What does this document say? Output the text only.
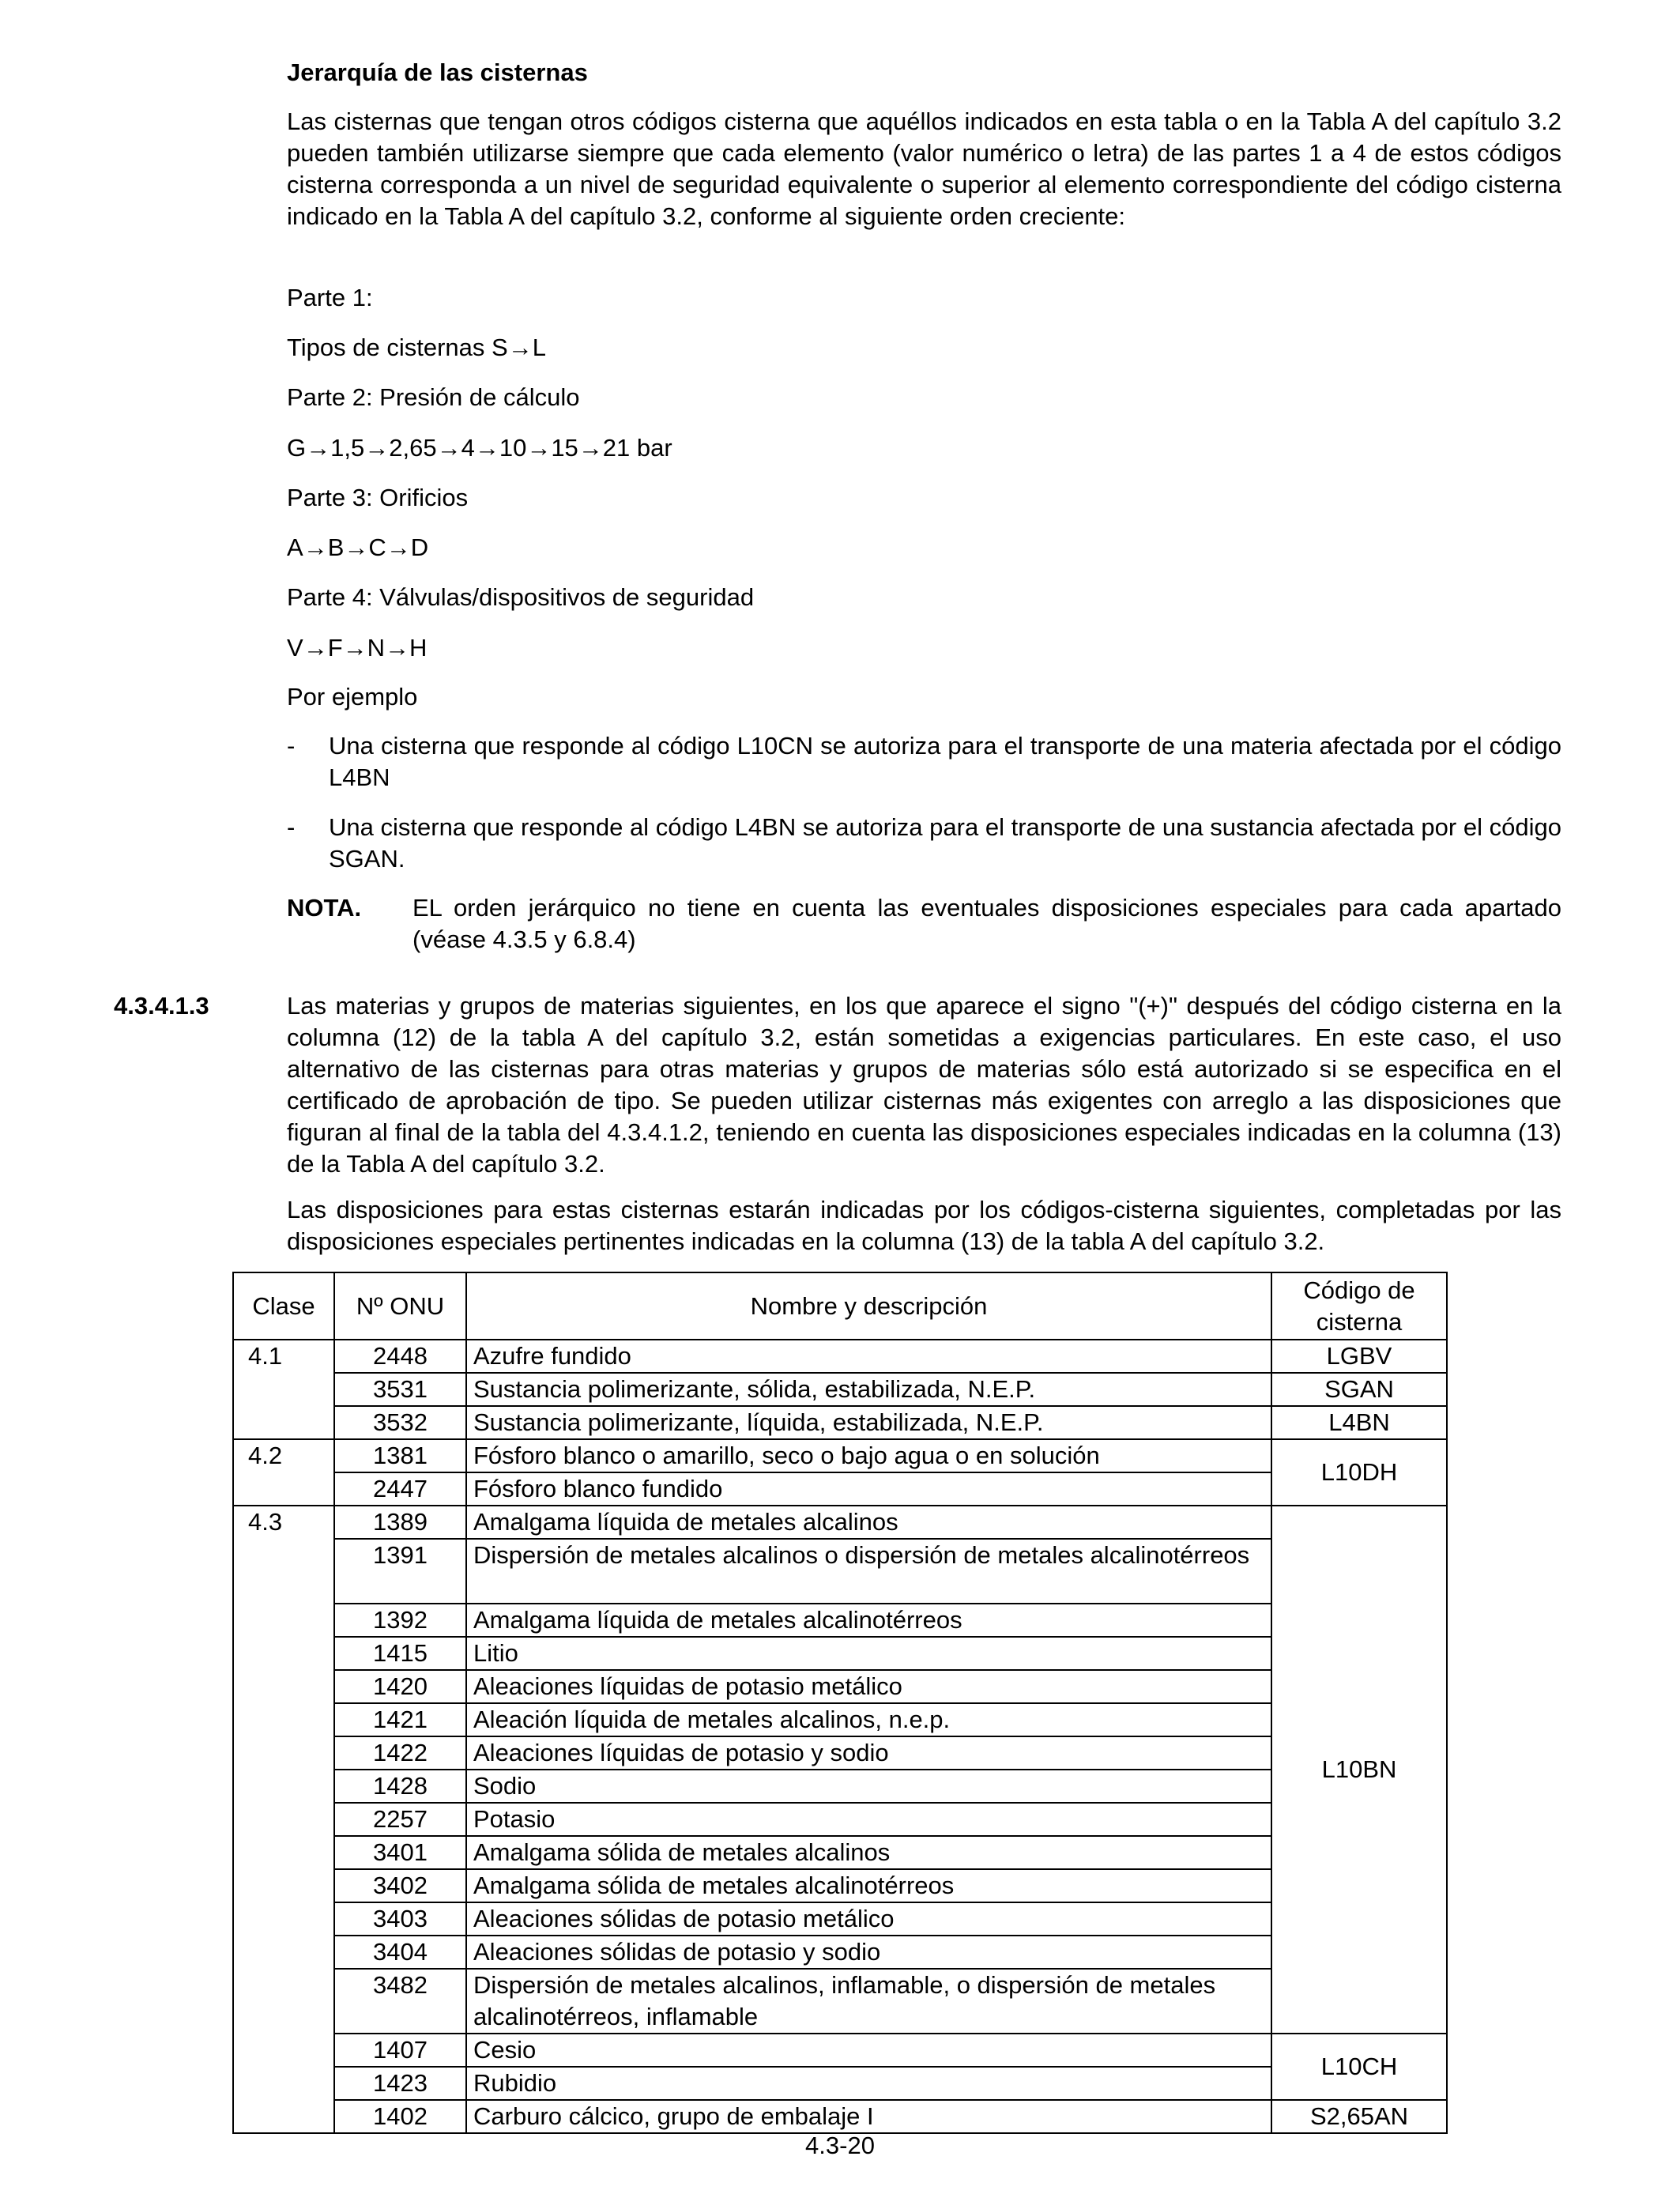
Jerarquía de las cisternas
Las cisternas que tengan otros códigos cisterna que aquéllos indicados en esta tabla o en la Tabla A del capítulo 3.2 pueden también utilizarse siempre que cada elemento (valor numérico o letra) de las partes 1 a 4 de estos códigos cisterna corresponda a un nivel de seguridad equivalente o superior al elemento correspondiente del código cisterna indicado en la Tabla A del capítulo 3.2, conforme al siguiente orden creciente:
Parte 1:
Tipos de cisternas S→L
Parte 2: Presión de cálculo
G→1,5→2,65→4→10→15→21 bar
Parte 3: Orificios
A→B→C→D
Parte 4: Válvulas/dispositivos de seguridad
V→F→N→H
Por ejemplo
- Una cisterna que responde al código L10CN se autoriza para el transporte de una materia afectada por el código L4BN
- Una cisterna que responde al código L4BN se autoriza para el transporte de una sustancia afectada por el código SGAN.
NOTA. EL orden jerárquico no tiene en cuenta las eventuales disposiciones especiales para cada apartado (véase 4.3.5 y 6.8.4)
4.3.4.1.3	Las materias y grupos de materias siguientes, en los que aparece el signo "(+)" después del código cisterna en la columna (12) de la tabla A del capítulo 3.2, están sometidas a exigencias particulares. En este caso, el uso alternativo de las cisternas para otras materias y grupos de materias sólo está autorizado si se especifica en el certificado de aprobación de tipo. Se pueden utilizar cisternas más exigentes con arreglo a las disposiciones que figuran al final de la tabla del 4.3.4.1.2, teniendo en cuenta las disposiciones especiales indicadas en la columna (13) de la Tabla A del capítulo 3.2.
Las disposiciones para estas cisternas estarán indicadas por los códigos-cisterna siguientes, completadas por las disposiciones especiales pertinentes indicadas en la columna (13) de la tabla A del capítulo 3.2.
Clase	Nº ONU	Nombre y descripción	Código de cisterna
4.1	2448	Azufre fundido	LGBV
	3531	Sustancia polimerizante, sólida, estabilizada, N.E.P.	SGAN
	3532	Sustancia polimerizante, líquida, estabilizada, N.E.P.	L4BN
4.2	1381	Fósforo blanco o amarillo, seco o bajo agua o en solución	L10DH
	2447	Fósforo blanco fundido	
4.3	1389	Amalgama líquida de metales alcalinos	L10BN
	1391	Dispersión de metales alcalinos o dispersión de metales alcalinotérreos	
	1392	Amalgama líquida de metales alcalinotérreos	
	1415	Litio	
	1420	Aleaciones líquidas de potasio metálico	
	1421	Aleación líquida de metales alcalinos, n.e.p.	
	1422	Aleaciones líquidas de potasio y sodio	
	1428	Sodio	
	2257	Potasio	
	3401	Amalgama sólida de metales alcalinos	
	3402	Amalgama sólida de metales alcalinotérreos	
	3403	Aleaciones sólidas de potasio metálico	
	3404	Aleaciones sólidas de potasio y sodio	
	3482	Dispersión de metales alcalinos, inflamable, o dispersión de metales alcalinotérreos, inflamable	
	1407	Cesio	L10CH
	1423	Rubidio	
	1402	Carburo cálcico, grupo de embalaje I	S2,65AN
4.3-20
